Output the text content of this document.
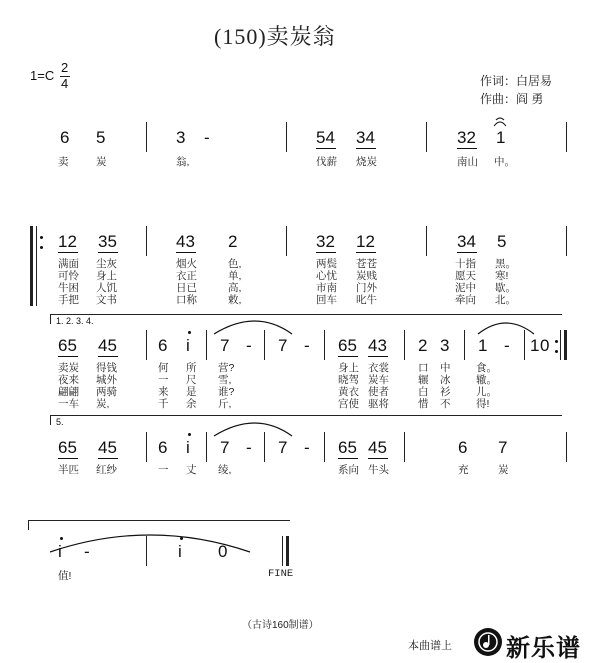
(150)卖炭翁
1=C
2
4	作词：白居易
作曲：阎 勇
6 5	3 -	54 34	32 1
卖	炭	翁,	伐薪 烧炭	南山 中。
12 35	43 2	32 12	34 5
满面 尘灰	烟火	色,	两鬓 苍苍	十指 黑。
可怜 身上	衣正	单,	心忧 炭贱	愿天 寒!
牛困 人饥	日已	高,	市南 门外	泥中 歇。
手把 文书	口称	敕,	回车 叱牛	牵向 北。
1. 2. 3. 4.
65 45 6 i 7 - 7 - 65 43 2 3 1 - 1 0
卖炭 得钱	何 所 营?	身上 衣裳	口 中 食。
夜来 城外	一 尺 雪,	晓驾 炭车	辗 冰 辙。
翩翩 两骑	来 是 谁?	黄衣 使者	白 衫 儿。
一车 炭,	千 余 斤,	宫使 驱将	惜 不 得!
5.
65 45 6 i 7 - 7 - 65 45	6 7
半匹 红纱	一 丈 绫,	系向 牛头	充	炭
i -	i 0
值!	FINE
（古诗160制谱）
本曲谱上 新乐谱
